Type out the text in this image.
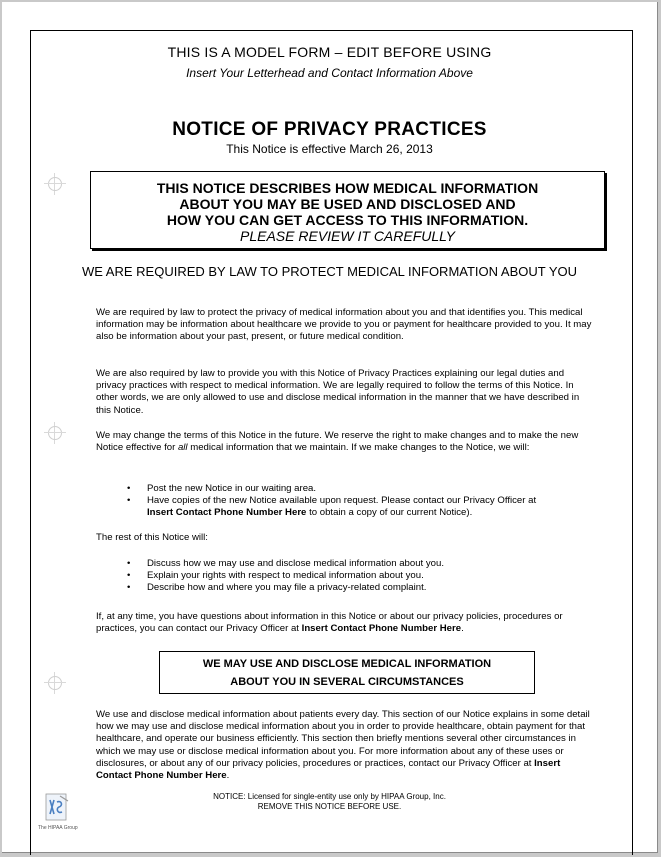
THIS IS A MODEL FORM – EDIT BEFORE USING
Insert Your Letterhead and Contact Information Above
NOTICE OF PRIVACY PRACTICES
This Notice is effective March 26, 2013
THIS NOTICE DESCRIBES HOW MEDICAL INFORMATION
ABOUT YOU MAY BE USED AND DISCLOSED AND
HOW YOU CAN GET ACCESS TO THIS INFORMATION.
PLEASE REVIEW IT CAREFULLY
WE ARE REQUIRED BY LAW TO PROTECT MEDICAL INFORMATION ABOUT YOU
We are required by law to protect the privacy of medical information about you and that identifies you. This medical information may be information about healthcare we provide to you or payment for healthcare provided to you. It may also be information about your past, present, or future medical condition.
We are also required by law to provide you with this Notice of Privacy Practices explaining our legal duties and privacy practices with respect to medical information. We are legally required to follow the terms of this Notice. In other words, we are only allowed to use and disclose medical information in the manner that we have described in this Notice.
We may change the terms of this Notice in the future. We reserve the right to make changes and to make the new Notice effective for all medical information that we maintain. If we make changes to the Notice, we will:
• Post the new Notice in our waiting area.
• Have copies of the new Notice available upon request. Please contact our Privacy Officer at
Insert Contact Phone Number Here to obtain a copy of our current Notice).
The rest of this Notice will:
• Discuss how we may use and disclose medical information about you.
• Explain your rights with respect to medical information about you.
• Describe how and where you may file a privacy-related complaint.
If, at any time, you have questions about information in this Notice or about our privacy policies, procedures or practices, you can contact our Privacy Officer at Insert Contact Phone Number Here.
WE MAY USE AND DISCLOSE MEDICAL INFORMATION
ABOUT YOU IN SEVERAL CIRCUMSTANCES
We use and disclose medical information about patients every day. This section of our Notice explains in some detail how we may use and disclose medical information about you in order to provide healthcare, obtain payment for that healthcare, and operate our business efficiently. This section then briefly mentions several other circumstances in which we may use or disclose medical information about you. For more information about any of these uses or disclosures, or about any of our privacy policies, procedures or practices, contact our Privacy Officer at Insert Contact Phone Number Here.
NOTICE: Licensed for single-entity use only by HIPAA Group, Inc.
REMOVE THIS NOTICE BEFORE USE.
The HIPAA Group
